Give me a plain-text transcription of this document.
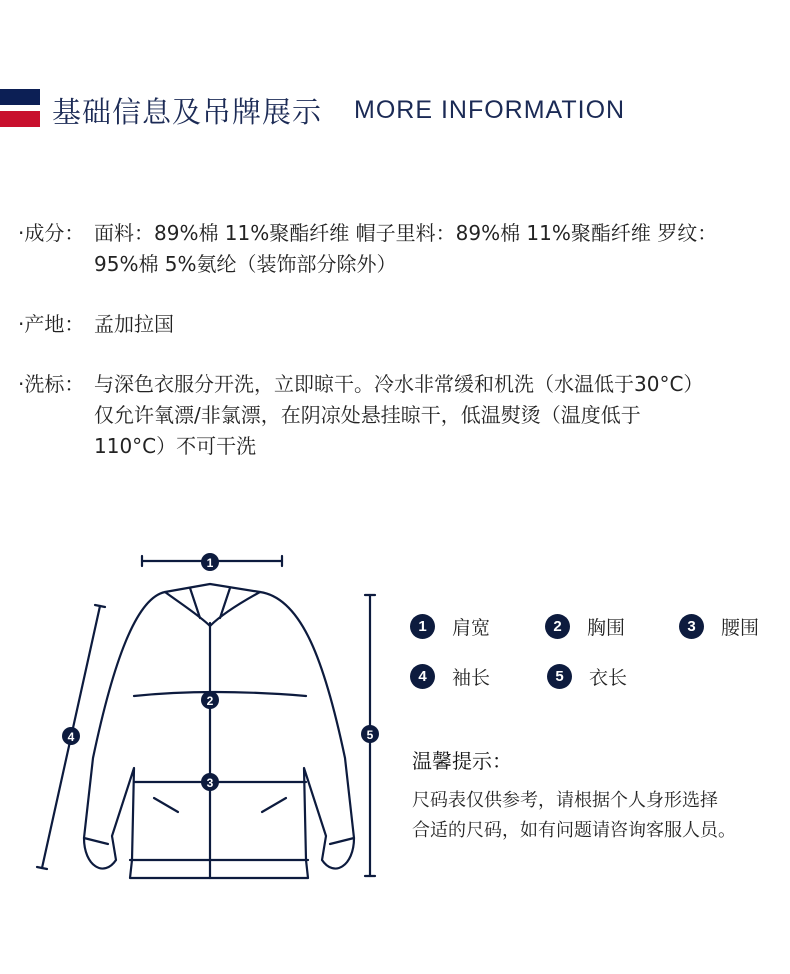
基础信息及吊牌展示 MORE INFORMATION
·成分： 面料：89%棉 11%聚酯纤维 帽子里料：89%棉 11%聚酯纤维 罗纹：
95%棉 5%氨纶（装饰部分除外）
·产地： 孟加拉国
·洗标： 与深色衣服分开洗，立即晾干。冷水非常缓和机洗（水温低于30°C）
仅允许氧漂/非氯漂，在阴凉处悬挂晾干，低温熨烫（温度低于
110°C）不可干洗
1
2
3
4	5
1	肩宽	2	胸围	3	腰围
4	袖长	5	衣长
温馨提示：
尺码表仅供参考，请根据个人身形选择
合适的尺码，如有问题请咨询客服人员。
